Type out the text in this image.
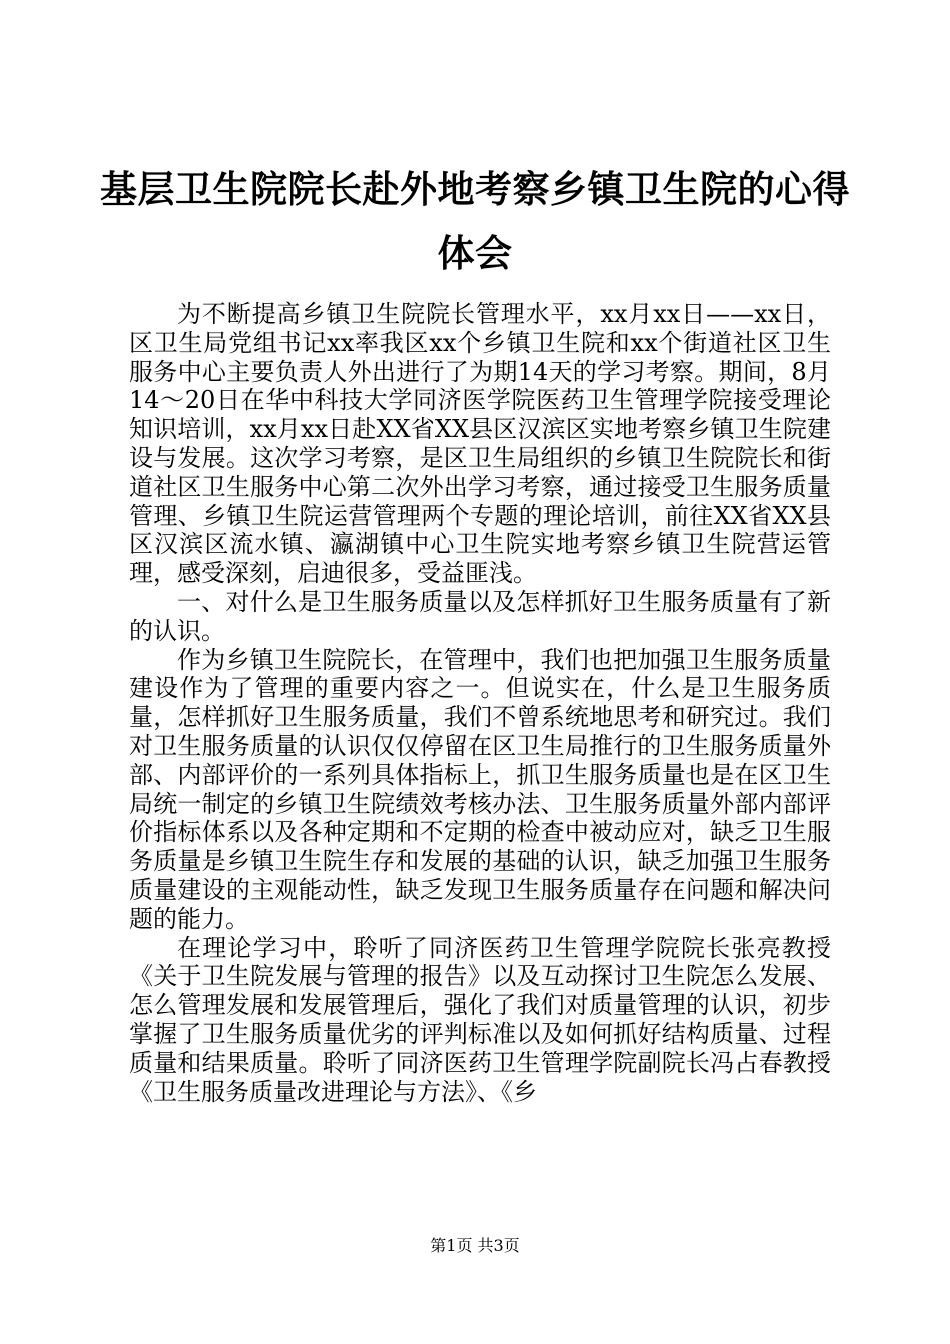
基层卫生院院长赴外地考察乡镇卫生院的心得体会

为不断提高乡镇卫生院院长管理水平，xx月xx日——xx日，区卫生局党组书记xx率我区xx个乡镇卫生院和xx个街道社区卫生服务中心主要负责人外出进行了为期14天的学习考察。期间，8月14～20日在华中科技大学同济医学院医药卫生管理学院接受理论知识培训，xx月xx日赴XX省XX县区汉滨区实地考察乡镇卫生院建设与发展。这次学习考察，是区卫生局组织的乡镇卫生院院长和街道社区卫生服务中心第二次外出学习考察，通过接受卫生服务质量管理、乡镇卫生院运营管理两个专题的理论培训，前往XX省XX县区汉滨区流水镇、瀛湖镇中心卫生院实地考察乡镇卫生院营运管理，感受深刻，启迪很多，受益匪浅。

一、对什么是卫生服务质量以及怎样抓好卫生服务质量有了新的认识。

作为乡镇卫生院院长，在管理中，我们也把加强卫生服务质量建设作为了管理的重要内容之一。但说实在，什么是卫生服务质量，怎样抓好卫生服务质量，我们不曾系统地思考和研究过。我们对卫生服务质量的认识仅仅停留在区卫生局推行的卫生服务质量外部、内部评价的一系列具体指标上，抓卫生服务质量也是在区卫生局统一制定的乡镇卫生院绩效考核办法、卫生服务质量外部内部评价指标体系以及各种定期和不定期的检查中被动应对，缺乏卫生服务质量是乡镇卫生院生存和发展的基础的认识，缺乏加强卫生服务质量建设的主观能动性，缺乏发现卫生服务质量存在问题和解决问题的能力。

在理论学习中，聆听了同济医药卫生管理学院院长张亮教授《关于卫生院发展与管理的报告》以及互动探讨卫生院怎么发展、怎么管理发展和发展管理后，强化了我们对质量管理的认识，初步掌握了卫生服务质量优劣的评判标准以及如何抓好结构质量、过程质量和结果质量。聆听了同济医药卫生管理学院副院长冯占春教授《卫生服务质量改进理论与方法》、《乡

第1页 共3页
